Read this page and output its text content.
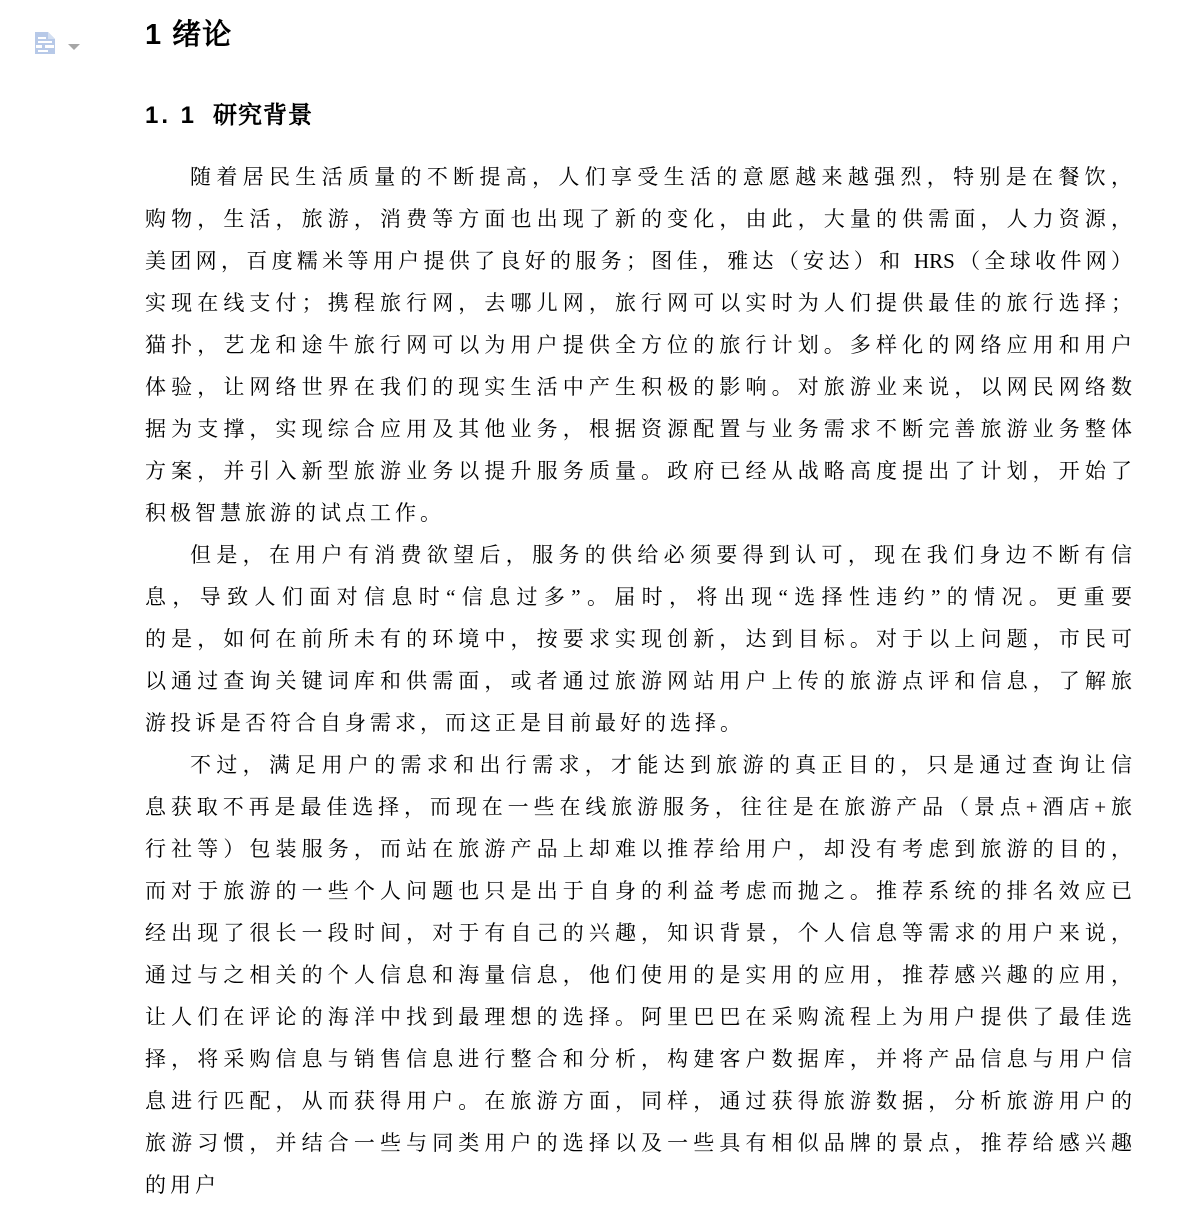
1 绪论
1. 1 研究背景
随着居民生活质量的不断提高，人们享受生活的意愿越来越强烈，特别是在餐饮，
购物，生活，旅游，消费等方面也出现了新的变化，由此，大量的供需面，人力资源，
美团网，百度糯米等用户提供了良好的服务；图佳，雅达（安达）和 HRS（全球收件网）
实现在线支付；携程旅行网，去哪儿网，旅行网可以实时为人们提供最佳的旅行选择；
猫扑，艺龙和途牛旅行网可以为用户提供全方位的旅行计划。多样化的网络应用和用户
体验，让网络世界在我们的现实生活中产生积极的影响。对旅游业来说，以网民网络数
据为支撑，实现综合应用及其他业务，根据资源配置与业务需求不断完善旅游业务整体
方案，并引入新型旅游业务以提升服务质量。政府已经从战略高度提出了计划，开始了
积极智慧旅游的试点工作。
但是，在用户有消费欲望后，服务的供给必须要得到认可，现在我们身边不断有信
息，导致人们面对信息时“信息过多”。届时，将出现“选择性违约”的情况。更重要
的是，如何在前所未有的环境中，按要求实现创新，达到目标。对于以上问题，市民可
以通过查询关键词库和供需面，或者通过旅游网站用户上传的旅游点评和信息，了解旅
游投诉是否符合自身需求，而这正是目前最好的选择。
不过，满足用户的需求和出行需求，才能达到旅游的真正目的，只是通过查询让信
息获取不再是最佳选择，而现在一些在线旅游服务，往往是在旅游产品（景点+酒店+旅
行社等）包装服务，而站在旅游产品上却难以推荐给用户，却没有考虑到旅游的目的，
而对于旅游的一些个人问题也只是出于自身的利益考虑而抛之。推荐系统的排名效应已
经出现了很长一段时间，对于有自己的兴趣，知识背景，个人信息等需求的用户来说，
通过与之相关的个人信息和海量信息，他们使用的是实用的应用，推荐感兴趣的应用，
让人们在评论的海洋中找到最理想的选择。阿里巴巴在采购流程上为用户提供了最佳选
择，将采购信息与销售信息进行整合和分析，构建客户数据库，并将产品信息与用户信
息进行匹配，从而获得用户。在旅游方面，同样，通过获得旅游数据，分析旅游用户的
旅游习惯，并结合一些与同类用户的选择以及一些具有相似品牌的景点，推荐给感兴趣
的用户
